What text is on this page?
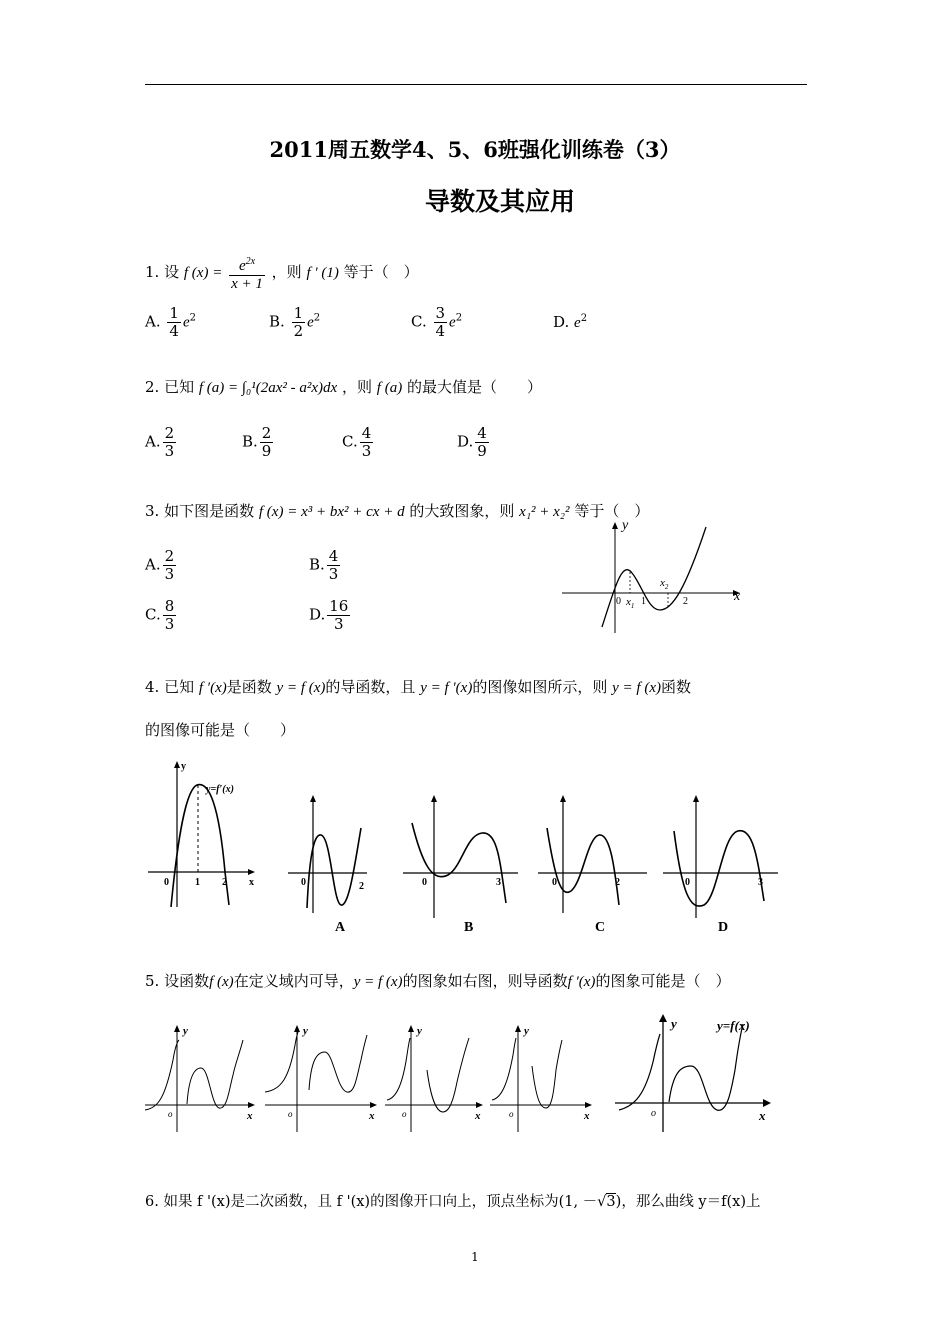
2011周五数学4、5、6班强化训练卷（3）
导数及其应用
1. 设 f $(x) = \frac{e^{2x}}{x + 1}$ ，则 f ' (1) 等于（　）
A. $\frac{1}{4} e^2$	B. $\frac{1}{2} e^2$	C. $\frac{3}{4} e^2$	D. $e^2$
2. 已知 f (a) = ∫₀¹(2ax² - a²x)dx ，则 f (a) 的最大值是（　　）
A. $\frac{2}{3}$	B. $\frac{2}{9}$	C. $\frac{4}{3}$	D. $\frac{4}{9}$
3. 如下图是函数 f (x) = x³ + bx² + cx + d 的大致图象，则 x₁² + x₂² 等于（　）
A. $\frac{2}{3}$	B. $\frac{4}{3}$
C. $\frac{8}{3}$	D. $\frac{16}{3}$
y
x
0 $x_1$ 1
$x_2$
2
4. 已知 f ′(x)是函数 y = f (x)的导函数，且 y = f ′(x)的图像如图所示，则 y = f (x)函数
的图像可能是（　　）
y=f′(x)
y
x
0	1 2	0	2
A
0	3
B
0	2
C
0	3
D
5. 设函数f (x)在定义域内可导，y = f (x)的图象如右图，则导函数f ′(x)的图象可能是（　）
y
x
o
y
x
o
y
x
o
y
x
o
y
x
o
y=f(x)
6. 如果 f '(x)是二次函数，且 f '(x)的图像开口向上，顶点坐标为(1, －√3)，那么曲线 y＝f(x)上
1
